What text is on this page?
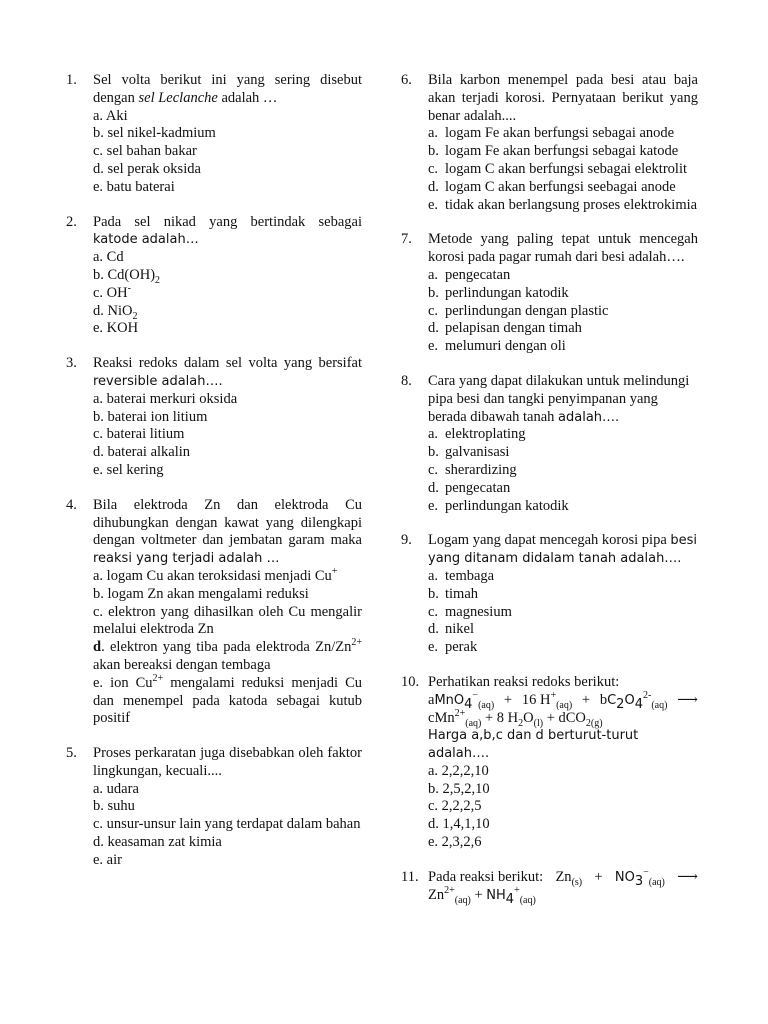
1.	Sel volta berikut ini yang sering disebut dengan sel Leclanche adalah …
a. Aki
b. sel nikel-kadmium
c. sel bahan bakar
d. sel perak oksida
e. batu baterai
2.	Pada sel nikad yang bertindak sebagai katode adalah…
a. Cd
b. $Cd(OH)_2$
c. OH-
d. NiO$_2$
e. KOH
3.	Reaksi redoks dalam sel volta yang bersifat reversible adalah….
a. baterai merkuri oksida
b. baterai ion litium
c. baterai litium
d. baterai alkalin
e. sel kering
4.	Bila elektroda Zn dan elektroda Cu dihubungkan dengan kawat yang dilengkapi dengan voltmeter dan jembatan garam maka reaksi yang terjadi adalah …
a. logam Cu akan teroksidasi menjadi Cu+
b. logam Zn akan mengalami reduksi
c. elektron yang dihasilkan oleh Cu mengalir melalui elektroda Zn
d. elektron yang tiba pada elektroda $Zn/Zn^{2+}$ akan bereaksi dengan tembaga
e. ion $Cu^{2+}$ mengalami reduksi menjadi Cu dan menempel pada katoda sebagai kutub positif
5.	Proses perkaratan juga disebabkan oleh faktor lingkungan, kecuali....
a. udara
b. suhu
c. unsur-unsur lain yang terdapat dalam bahan
d. keasaman zat kimia
e. air
6.	Bila karbon menempel pada besi atau baja akan terjadi korosi. Pernyataan berikut yang benar adalah....
a. logam Fe akan berfungsi sebagai anode
b. logam Fe akan berfungsi sebagai katode
c. logam C akan berfungsi sebagai elektrolit
d. logam C akan berfungsi seebagai anode
e. tidak akan berlangsung proses elektrokimia
7.	Metode yang paling tepat untuk mencegah korosi pada pagar rumah dari besi adalah….
a. pengecatan
b. perlindungan katodik
c. perlindungan dengan plastic
d. pelapisan dengan timah
e. melumuri dengan oli
8.	Cara yang dapat dilakukan untuk melindungi pipa besi dan tangki penyimpanan yang berada dibawah tanah adalah….
a. elektroplating
b. galvanisasi
c. sherardizing
d. pengecatan
e. perlindungan katodik
9.	Logam yang dapat mencegah korosi pipa besi yang ditanam didalam tanah adalah….
a. tembaga
b. timah
c. magnesium
d. nikel
e. perak
10. Perhatikan reaksi redoks berikut:
aMnO$_4$−$_{(aq)}$ + 16 $H^+_{(aq)} + bC_2O_4^{2-}_{(aq)}$ ⟶
cMn$^{2+}_{(aq)}$ + 8 $H_2O_{(l)} + dCO_{2(g)}$
Harga a,b,c dan d berturut-turut adalah….
a. 2,2,2,10
b. 2,5,2,10
c. 2,2,2,5
d. 1,4,1,10
e. 2,3,2,6
11. Pada reaksi berikut: $Zn_{(s)} + NO_3^-_{(aq)}$ ⟶
$Zn^{2+}_{(aq)} + NH_4^+_{(aq)}$
